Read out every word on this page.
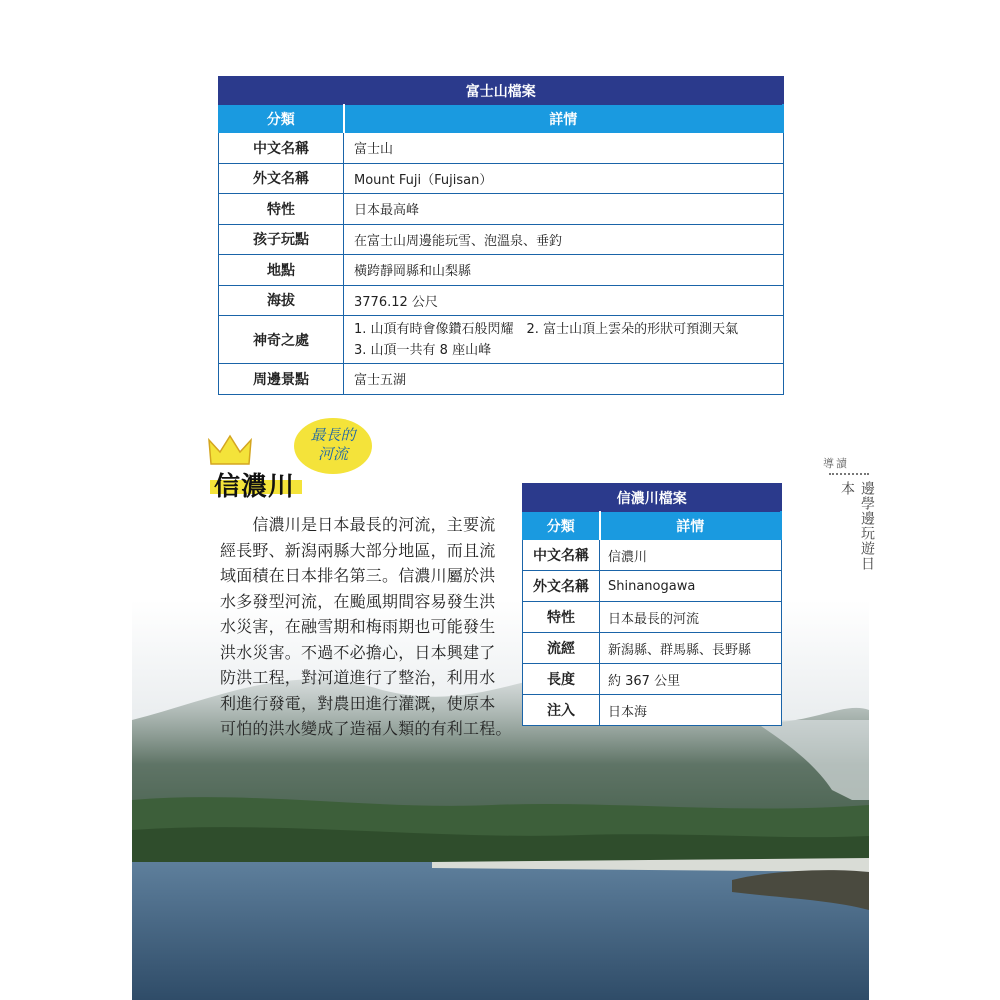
富士山檔案	
分類	詳情
中文名稱	富士山
外文名稱	Mount Fuji（Fujisan）
特性	日本最高峰
孩子玩點	在富士山周邊能玩雪、泡溫泉、垂釣
地點	橫跨靜岡縣和山梨縣
海拔	3776.12 公尺
神奇之處	1. 山頂有時會像鑽石般閃耀　2. 富士山頂上雲朵的形狀可預測天氣
3. 山頂一共有 8 座山峰

周邊景點	富士五湖
信濃川
最長的
河流
　　信濃川是日本最長的河流，主要流
經長野、新潟兩縣大部分地區，而且流
域面積在日本排名第三。信濃川屬於洪
水多發型河流，在颱風期間容易發生洪
水災害，在融雪期和梅雨期也可能發生
洪水災害。不過不必擔心，日本興建了
防洪工程，對河道進行了整治，利用水
利進行發電，對農田進行灌溉，使原本
可怕的洪水變成了造福人類的有利工程。
信濃川檔案	
分類	詳情
中文名稱	信濃川
外文名稱	Shinanogawa
特性	日本最長的河流
流經	新潟縣、群馬縣、長野縣
長度	約 367 公里
注入	日本海
導讀
邊學邊玩遊日本
